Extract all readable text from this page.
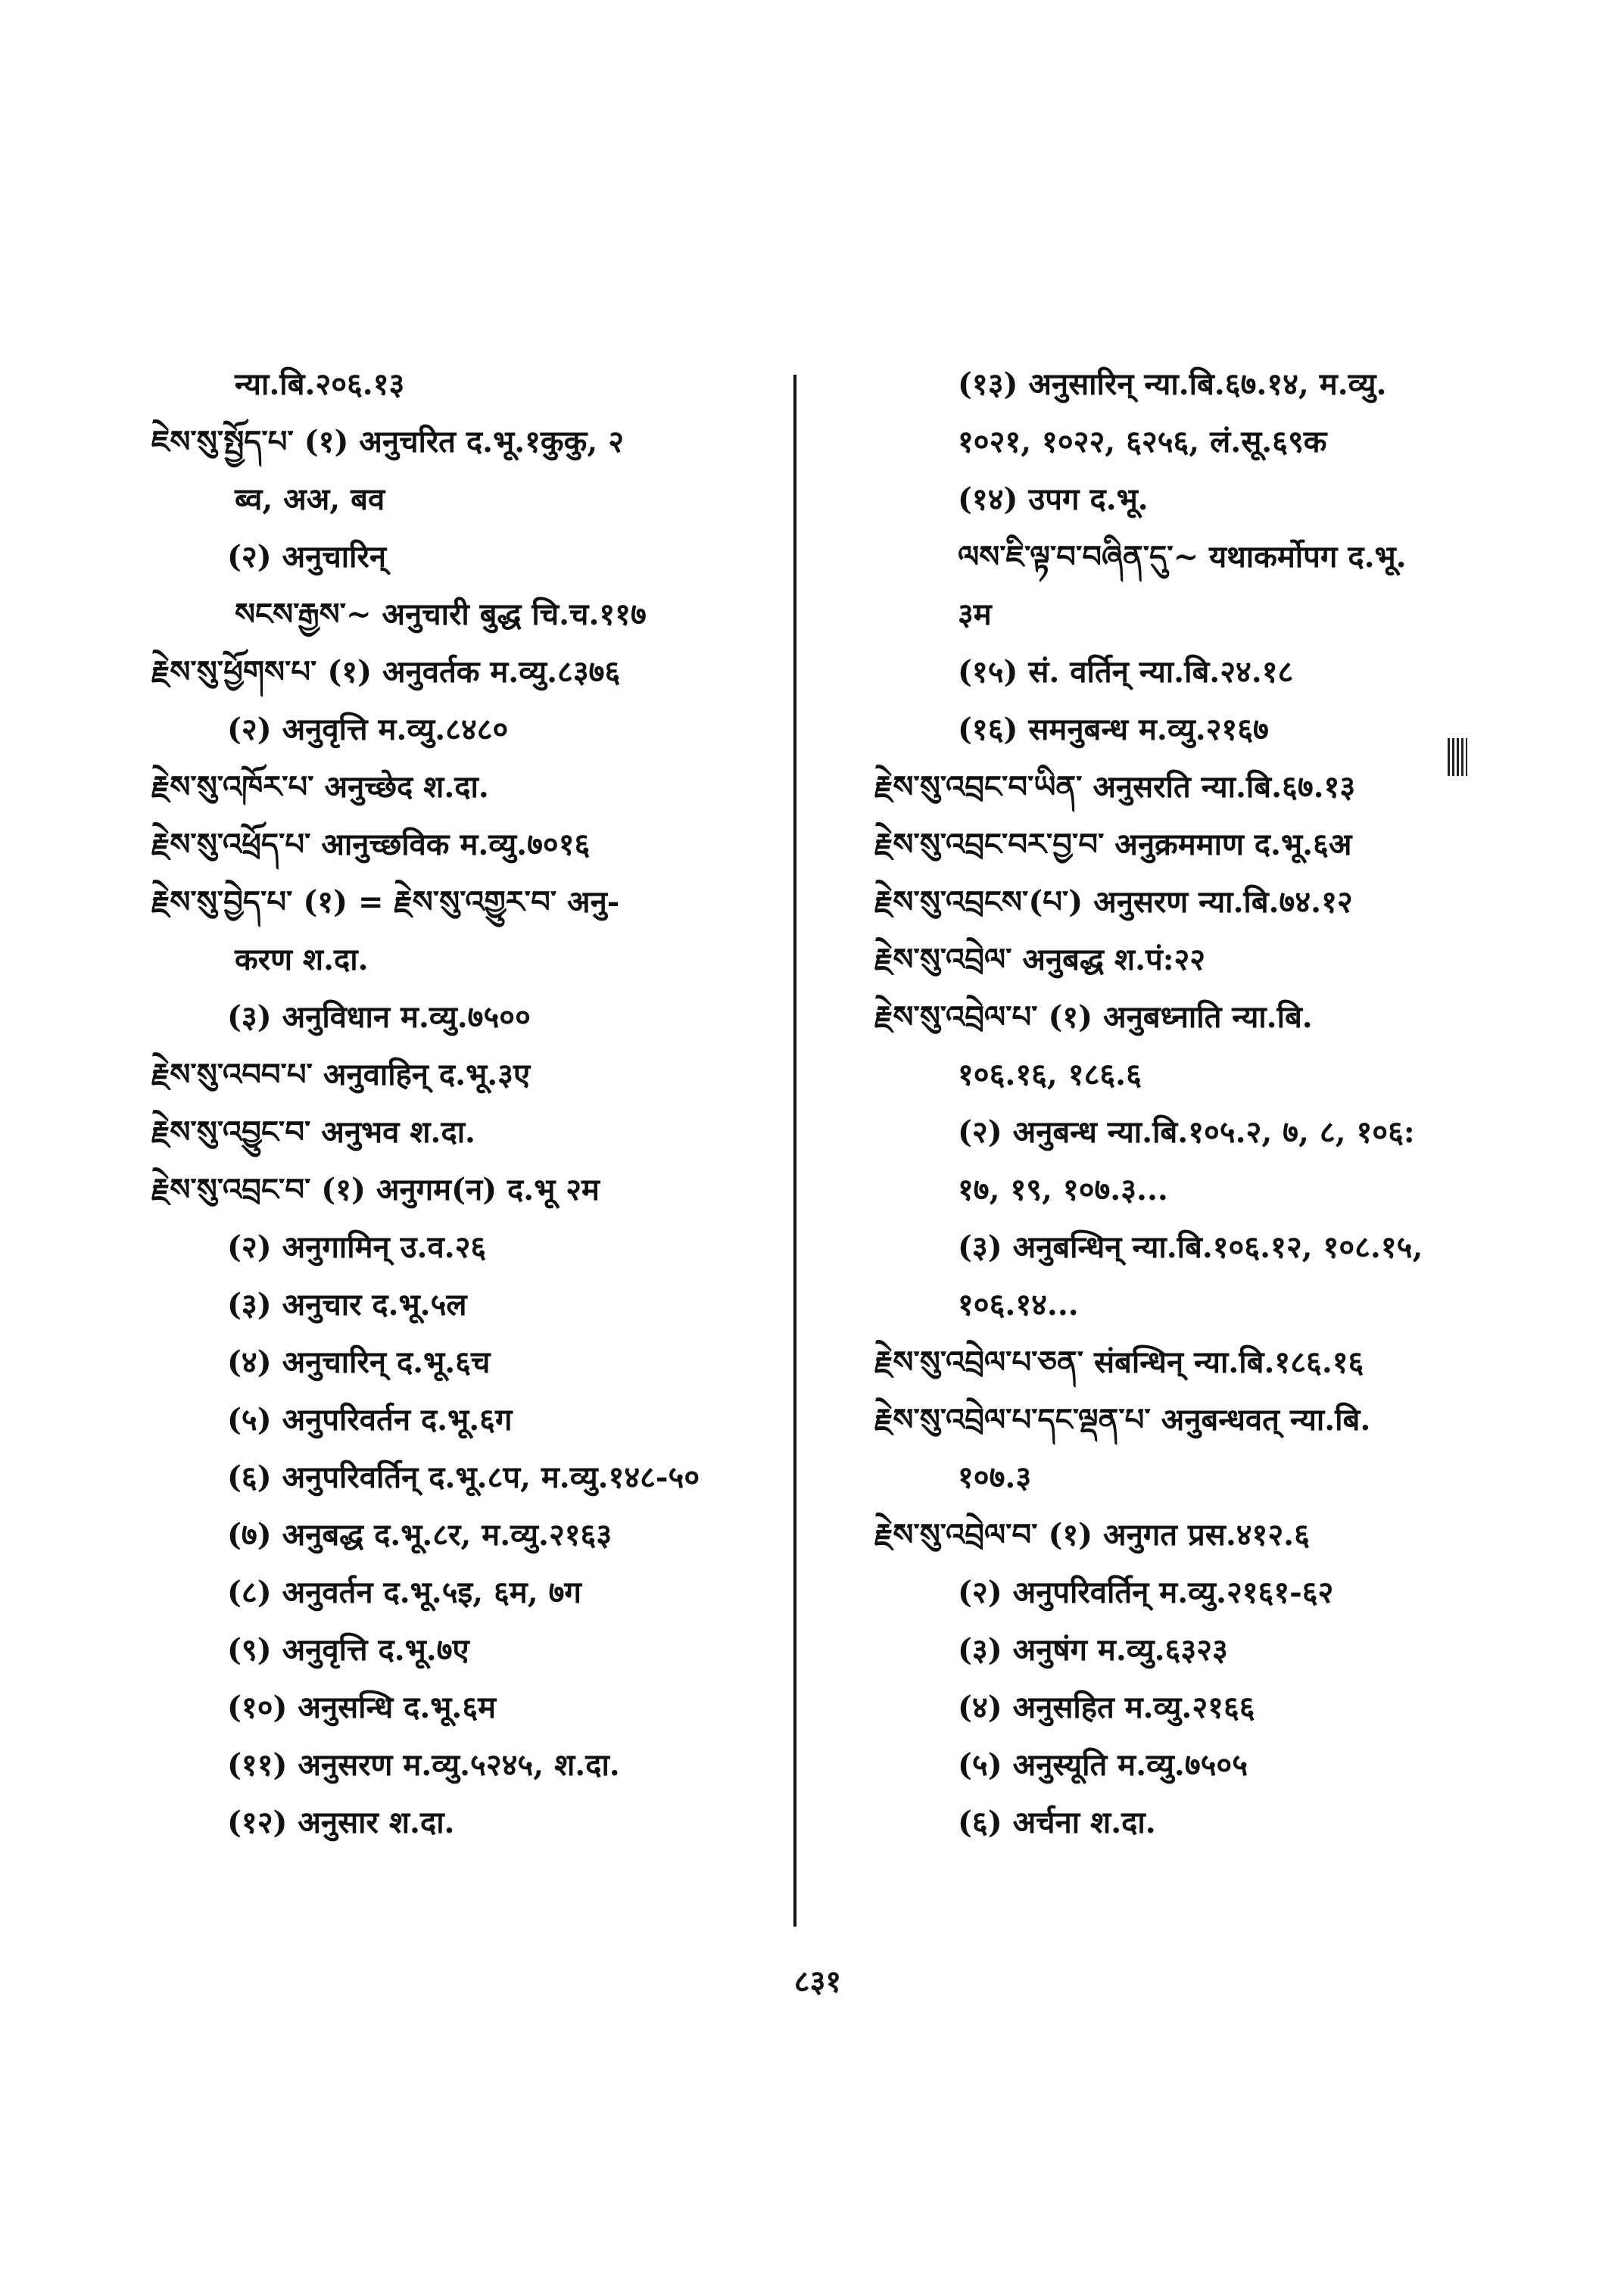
न्या.बि.२०६.१३
ཇེས་སུ་སྤྱོད་པ་ (१) अनुचरित द.भू.१कुकु, २
ब्व, अअ, बव
(२) अनुचारिन्
སངས་རྒྱས་~ अनुचारी बुद्ध चि.च.११७
རྗེས་སུ་ཕྱོགས་པ་ (१) अनुवर्तक म.व्यु.८३७६
(२) अनुवृत्ति म.व्यु.८४८०
རྗེས་སུ་འཁོར་པ་ अनुच्छेद श.दा.
རྗེས་སུ་འཕྲོད་པ་ आनुच्छविक म.व्यु.७०१६
རྗེས་སུ་བྱེད་པ་ (१) = རྗེས་སུ་འགྱུར་བ་ अनु-
करण श.दा.
(३) अनुविधान म.व्यु.७५००
རྗེས་སུ་འབབ་པ་ अनुवाहिन् द.भू.३ए
རྗེས་སུ་འབྱུང་བ་ अनुभव श.दा.
རྗེས་སུ་འབྲང་བ་ (१) अनुगम(न) द.भू २म
(२) अनुगामिन् उ.व.२६
(३) अनुचार द.भू.५ल
(४) अनुचारिन् द.भू.६च
(५) अनुपरिवर्तन द.भू.६ग
(६) अनुपरिवर्तिन् द.भू.८प, म.व्यु.१४८-५०
(७) अनुबद्ध द.भू.८र, म.व्यु.२१६३
(८) अनुवर्तन द.भू.५इ, ६म, ७ग
(९) अनुवृत्ति द.भू.७ए
(१०) अनुसन्धि द.भू.६म
(११) अनुसरण म.व्यु.५२४५, श.दा.
(१२) अनुसार श.दा.
(१३) अनुसारिन् न्या.बि.६७.१४, म.व्यु.
१०२१, १०२२, ६२५६, लं.सू.६९क
(१४) उपग द.भू.
ལས་ཇི་ལྟ་བ་བཞིན་དུ་~ यथाकर्मोपग द.भू.
३म
(१५) सं. वर्तिन् न्या.बि.२४.१८
(१६) समनुबन्ध म.व्यु.२१६७
རྗེས་སུ་འབྲང་བ་ཡིན་ अनुसरति न्या.बि.६७.१३
རྗེས་སུ་འབྲང་བར་བྱ་བ་ अनुक्रममाण द.भू.६अ
རྗེས་སུ་འབྲངས་(པ་) अनुसरण न्या.बि.७४.१२
རྗེས་སུ་འབྲེལ་ अनुबद्ध श.पं:२२
རྗེས་སུ་འབྲེལ་པ་ (१) अनुबध्नाति न्या.बि.
१०६.१६, १८६.६
(२) अनुबन्ध न्या.बि.१०५.२, ७, ८, १०६:
१७, १९, १०७.३...
(३) अनुबन्धिन् न्या.बि.१०६.१२, १०८.१५,
१०६.१४...
རྗེས་སུ་འབྲེལ་པ་ཅན་ संबन्धिन् न्या.बि.१८६.१६
རྗེས་སུ་འབྲེལ་པ་དང་ལྡན་པ་ अनुबन्धवत् न्या.बि.
१०७.३
རྗེས་སུ་འབྲེལ་བ་ (१) अनुगत प्रस.४१२.६
(२) अनुपरिवर्तिन् म.व्यु.२१६१-६२
(३) अनुषंग म.व्यु.६३२३
(४) अनुसहित म.व्यु.२१६६
(५) अनुस्यूति म.व्यु.७५०५
(६) अर्चना श.दा.
८३१
